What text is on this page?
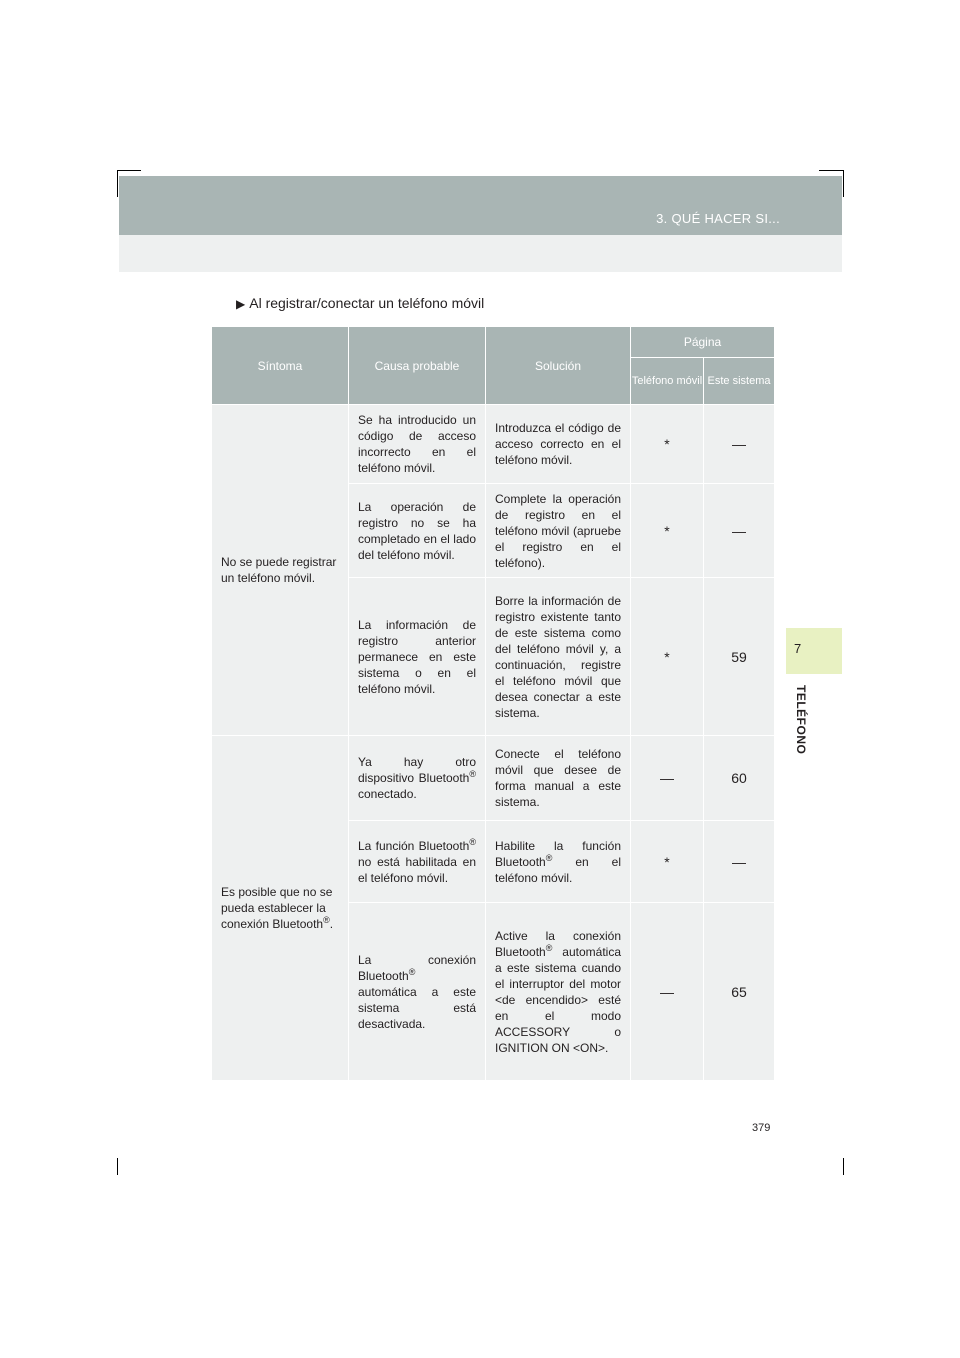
3. QUÉ HACER SI...
7
TELÉFONO
▶ Al registrar/conectar un teléfono móvil
Síntoma	Causa probable	Solución	Página	
			Teléfono móvil	Este sistema
No se puede registrar un teléfono móvil.	Se ha introducido un código de acceso incorrecto en el teléfono móvil.	Introduzca el código de acceso correcto en el teléfono móvil.	*	—
	La operación de registro no se ha completado en el lado del teléfono móvil.	Complete la operación de registro en el teléfono móvil (apruebe el registro en el teléfono).	*	—
	La información de registro anterior permanece en este sistema o en el teléfono móvil.	Borre la información de registro existente tanto de este sistema como del teléfono móvil y, a continuación, registre el teléfono móvil que desea conectar a este sistema.	*	59
Es posible que no se pueda establecer la conexión Bluetooth®.	Ya hay otro dispositivo Bluetooth® conectado.	Conecte el teléfono móvil que desee de forma manual a este sistema.	—	60
	La función Bluetooth® no está habilitada en el teléfono móvil.	Habilite la función Bluetooth® en el teléfono móvil.	*	—
	La conexión Bluetooth® automática a este sistema está desactivada.	Active la conexión Bluetooth® automática a este sistema cuando el interruptor del motor <de encendido> esté en el modo ACCESSORY o IGNITION ON <ON>.	—	65
379
